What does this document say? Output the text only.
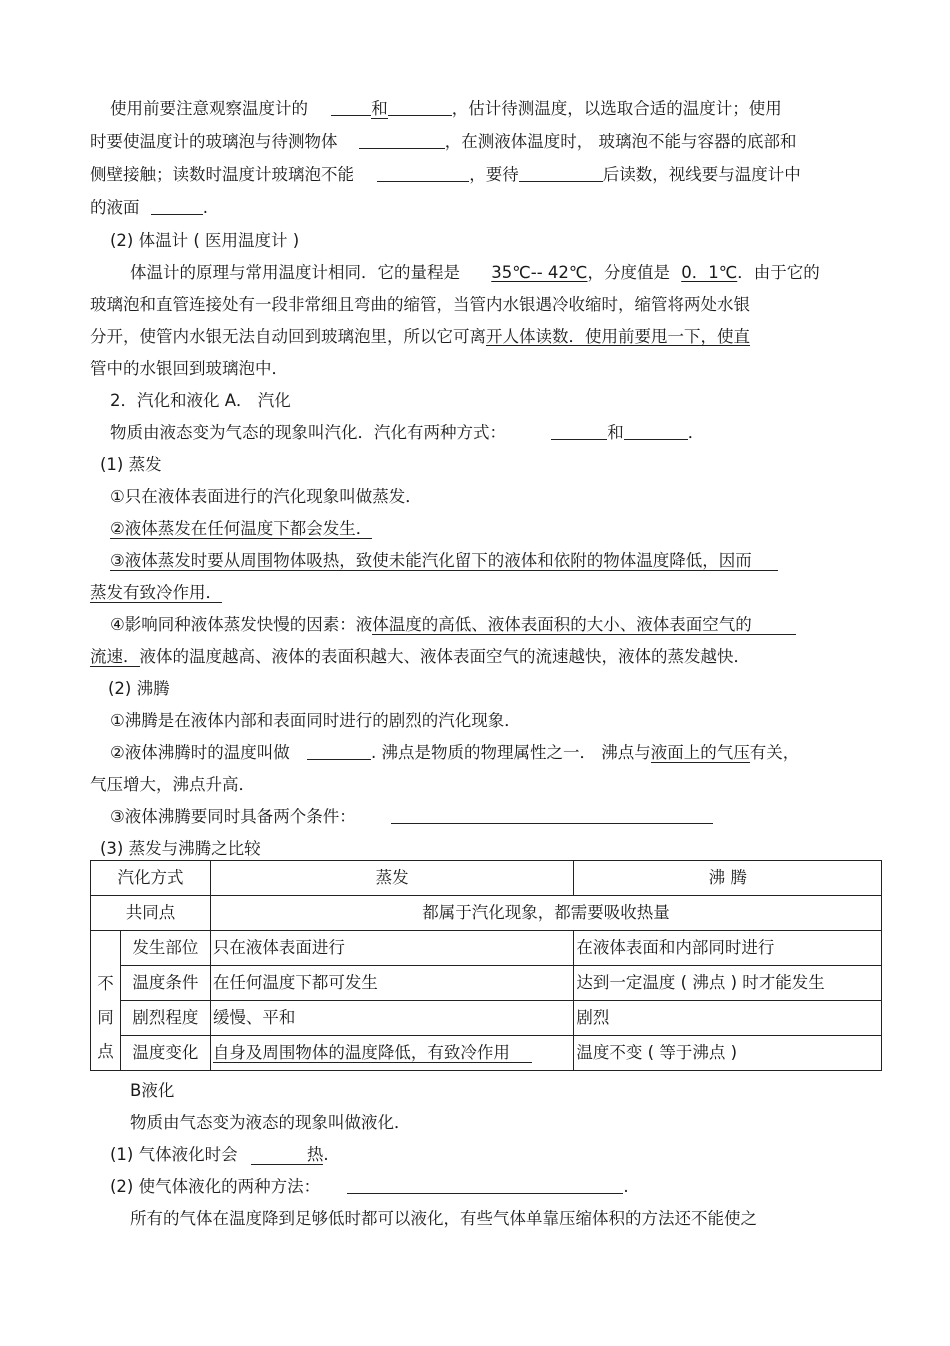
使用前要注意观察温度计的	和	，估计待测温度，以选取合适的温度计；使用
时要使温度计的玻璃泡与待测物体	，在测液体温度时， 玻璃泡不能与容器的底部和
侧壁接触；读数时温度计玻璃泡不能	，要待	后读数，视线要与温度计中
的液面	.
(2) 体温计 ( 医用温度计 )
体温计的原理与常用温度计相同．它的量程是 35℃-- 42℃，分度值是 0．1℃．由于它的
玻璃泡和直管连接处有一段非常细且弯曲的缩管，当管内水银遇冷收缩时，缩管将两处水银
分开，使管内水银无法自动回到玻璃泡里，所以它可离开人体读数．使用前要甩一下，使直
管中的水银回到玻璃泡中．
2．汽化和液化 A． 汽化
物质由液态变为气态的现象叫汽化．汽化有两种方式：	和	．
(1) 蒸发
①只在液体表面进行的汽化现象叫做蒸发．
②液体蒸发在任何温度下都会发生．
③液体蒸发时要从周围物体吸热，致使未能汽化留下的液体和依附的物体温度降低，因而
蒸发有致冷作用．
④影响同种液体蒸发快慢的因素：液体温度的高低、液体表面积的大小、液体表面空气的
流速．液体的温度越高、液体的表面积越大、液体表面空气的流速越快，液体的蒸发越快．
(2) 沸腾
①沸腾是在液体内部和表面同时进行的剧烈的汽化现象．
②液体沸腾时的温度叫做	. 沸点是物质的物理属性之一． 沸点与液面上的气压有关，
气压增大，沸点升高．
③液体沸腾要同时具备两个条件：
(3) 蒸发与沸腾之比较
汽化方式		蒸发	沸 腾
共同点		都属于汽化现象，都需要吸收热量	

不
同
点	发生部位	只在液体表面进行	在液体表面和内部同时进行
	温度条件	在任何温度下都可发生	达到一定温度 ( 沸点 ) 时才能发生
	剧烈程度	缓慢、平和	剧烈
	温度变化	自身及周围物体的温度降低，有致冷作用	温度不变 ( 等于沸点 )
B液化
物质由气态变为液态的现象叫做液化．
(1) 气体液化时会	热.
(2) 使气体液化的两种方法：	.
所有的气体在温度降到足够低时都可以液化，有些气体单靠压缩体积的方法还不能使之
